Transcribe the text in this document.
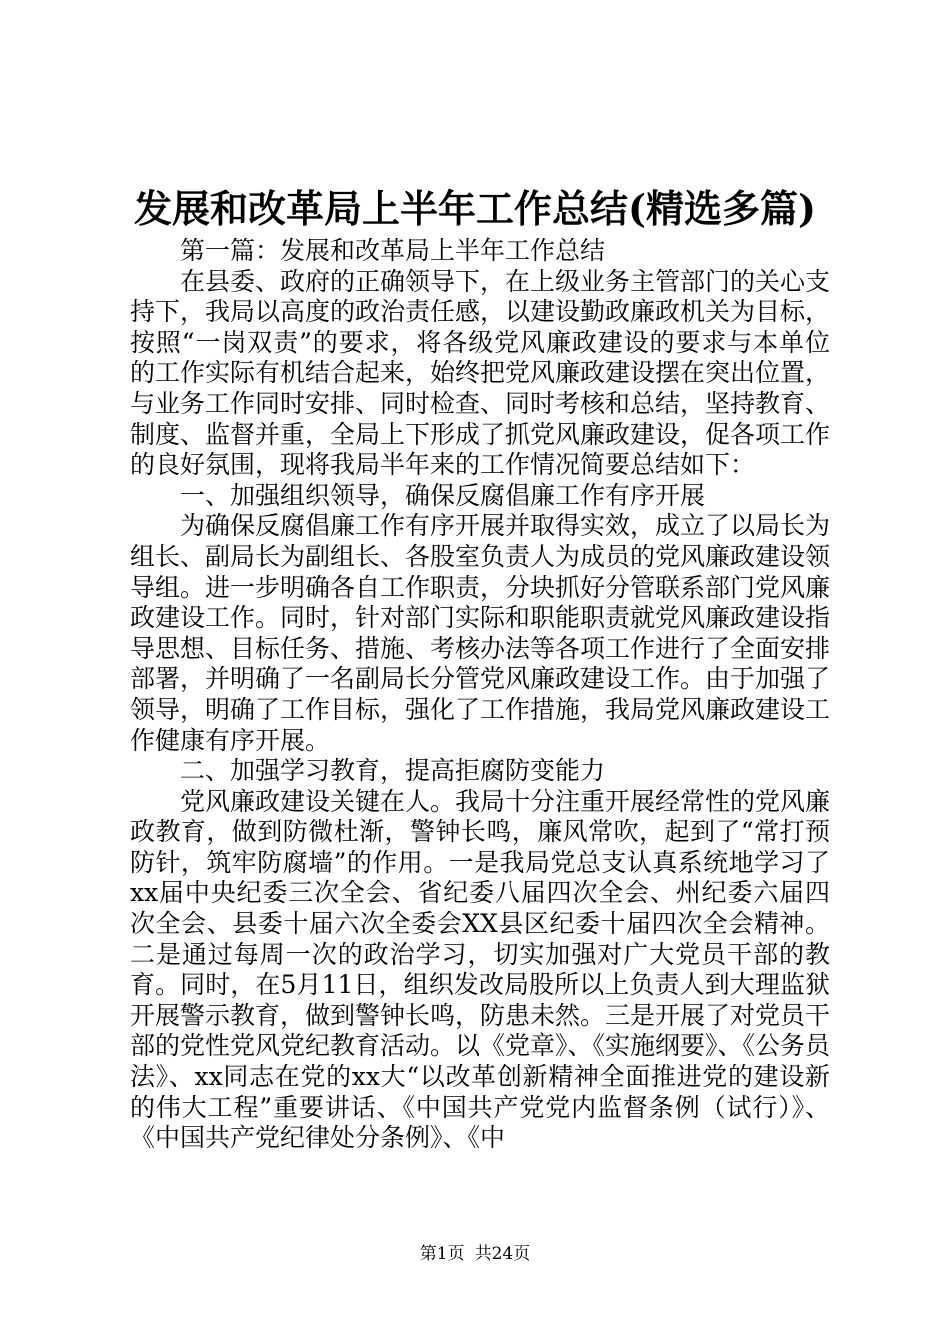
发展和改革局上半年工作总结(精选多篇)

第一篇：发展和改革局上半年工作总结

在县委、政府的正确领导下，在上级业务主管部门的关心支持下，我局以高度的政治责任感，以建设勤政廉政机关为目标，按照“一岗双责”的要求，将各级党风廉政建设的要求与本单位的工作实际有机结合起来，始终把党风廉政建设摆在突出位置，与业务工作同时安排、同时检查、同时考核和总结，坚持教育、制度、监督并重，全局上下形成了抓党风廉政建设，促各项工作的良好氛围，现将我局半年来的工作情况简要总结如下：

一、加强组织领导，确保反腐倡廉工作有序开展

为确保反腐倡廉工作有序开展并取得实效，成立了以局长为组长、副局长为副组长、各股室负责人为成员的党风廉政建设领导组。进一步明确各自工作职责，分块抓好分管联系部门党风廉政建设工作。同时，针对部门实际和职能职责就党风廉政建设指导思想、目标任务、措施、考核办法等各项工作进行了全面安排部署，并明确了一名副局长分管党风廉政建设工作。由于加强了领导，明确了工作目标，强化了工作措施，我局党风廉政建设工作健康有序开展。

二、加强学习教育，提高拒腐防变能力

党风廉政建设关键在人。我局十分注重开展经常性的党风廉政教育，做到防微杜渐，警钟长鸣，廉风常吹，起到了“常打预防针，筑牢防腐墙”的作用。一是我局党总支认真系统地学习了xx届中央纪委三次全会、省纪委八届四次全会、州纪委六届四次全会、县委十届六次全委会XX县区纪委十届四次全会精神。二是通过每周一次的政治学习，切实加强对广大党员干部的教育。同时，在5月11日，组织发改局股所以上负责人到大理监狱开展警示教育，做到警钟长鸣，防患未然。三是开展了对党员干部的党性党风党纪教育活动。以《党章》、《实施纲要》、《公务员法》、xx同志在党的xx大“以改革创新精神全面推进党的建设新的伟大工程”重要讲话、《中国共产党党内监督条例（试行）》、《中国共产党纪律处分条例》、《中

第1页 共24页
